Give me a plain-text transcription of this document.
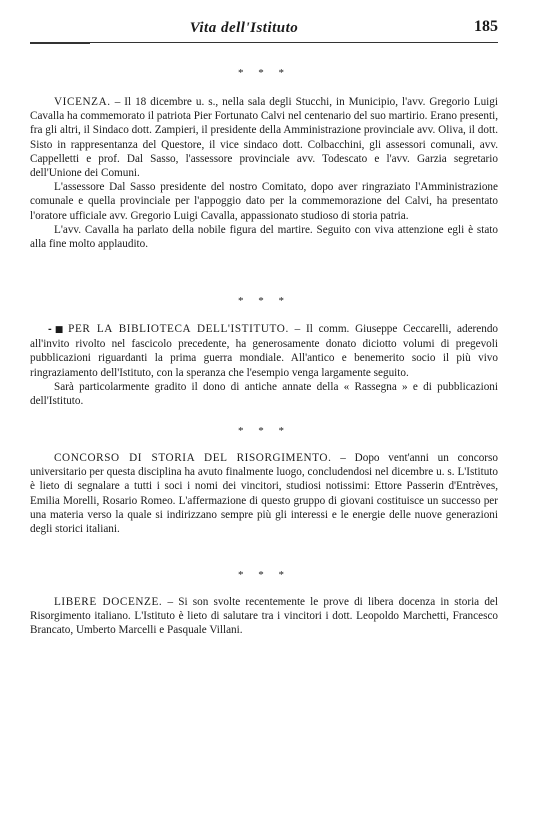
Vita dell'Istituto	185
* * *

VICENZA. – Il 18 dicembre u. s., nella sala degli Stucchi, in Municipio, l'avv. Gregorio Luigi Cavalla ha commemorato il patriota Pier Fortunato Calvi nel centenario del suo martirio. Erano presenti, fra gli altri, il Sindaco dott. Zampieri, il presidente della Amministrazione provinciale avv. Oliva, il dott. Sisto in rappresentanza del Questore, il vice sindaco dott. Colbacchini, gli assessori comunali, avv. Cappelletti e prof. Dal Sasso, l'assessore provinciale avv. Todescato e l'avv. Garzia segretario dell'Unione dei Comuni.

L'assessore Dal Sasso presidente del nostro Comitato, dopo aver ringraziato l'Amministrazione comunale e quella provinciale per l'appoggio dato per la commemorazione del Calvi, ha presentato l'oratore ufficiale avv. Gregorio Luigi Cavalla, appassionato studioso di storia patria.

L'avv. Cavalla ha parlato della nobile figura del martire. Seguito con viva attenzione egli è stato alla fine molto applaudito.

* * *

-■ PER LA BIBLIOTECA DELL'ISTITUTO. – Il comm. Giuseppe Ceccarelli, aderendo all'invito rivolto nel fascicolo precedente, ha generosamente donato diciotto volumi di pregevoli pubblicazioni riguardanti la prima guerra mondiale. All'antico e benemerito socio il più vivo ringraziamento dell'Istituto, con la speranza che l'esempio venga largamente seguito.

Sarà particolarmente gradito il dono di antiche annate della « Rassegna » e di pubblicazioni dell'Istituto.

* * *

CONCORSO DI STORIA DEL RISORGIMENTO. – Dopo vent'anni un concorso universitario per questa disciplina ha avuto finalmente luogo, concludendosi nel dicembre u. s. L'Istituto è lieto di segnalare a tutti i soci i nomi dei vincitori, studiosi notissimi: Ettore Passerin d'Entrèves, Emilia Morelli, Rosario Romeo. L'affermazione di questo gruppo di giovani costituisce un successo per una materia verso la quale si indirizzano sempre più gli interessi e le energie delle nuove generazioni degli storici italiani.

* * *

LIBERE DOCENZE. – Si son svolte recentemente le prove di libera docenza in storia del Risorgimento italiano. L'Istituto è lieto di salutare tra i vincitori i dott. Leopoldo Marchetti, Francesco Brancato, Umberto Marcelli e Pasquale Villani.
